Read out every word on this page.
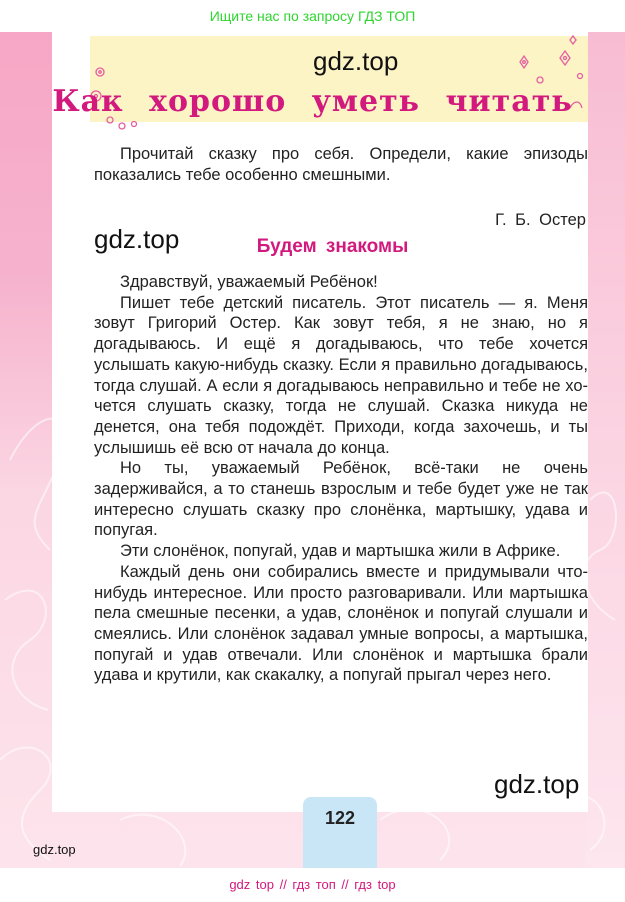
Ищите нас по запросу ГДЗ ТОП
gdz.top
Как хорошо уметь читать
Прочитай сказку про себя. Определи, какие эпизоды показались тебе особенно смешными.
Г. Б. Остер
gdz.top	Будем знакомы

Здравствуй, уважаемый Ребёнок!

Пишет тебе детский писатель. Этот писатель — я. Меня зовут Григорий Остер. Как зовут тебя, я не знаю, но я догадываюсь. И ещё я догадываюсь, что тебе хочется услышать какую-нибудь сказку. Если я правильно догадываюсь, тогда слушай. А если я догадываюсь неправильно и тебе не хочется слушать сказку, тогда не слушай. Сказка никуда не денется, она тебя подождёт. Приходи, когда захочешь, и ты услышишь её всю от начала до конца.

Но ты, уважаемый Ребёнок, всё-таки не очень задерживайся, а то станешь взрослым и тебе будет уже не так интересно слушать сказку про слонёнка, мартышку, удава и попугая.

Эти слонёнок, попугай, удав и мартышка жили в Африке.

Каждый день они собирались вместе и придумывали что-нибудь интересное. Или просто разговаривали. Или мартышка пела смешные песенки, а удав, слонёнок и попугай слушали и смеялись. Или слонёнок задавал умные вопросы, а мартышка, попугай и удав отвечали. Или слонёнок и мартышка брали удава и крутили, как скакалку, а попугай прыгал через него.

gdz.top
122
gdz.top
gdz top // гдз топ // гдз top
